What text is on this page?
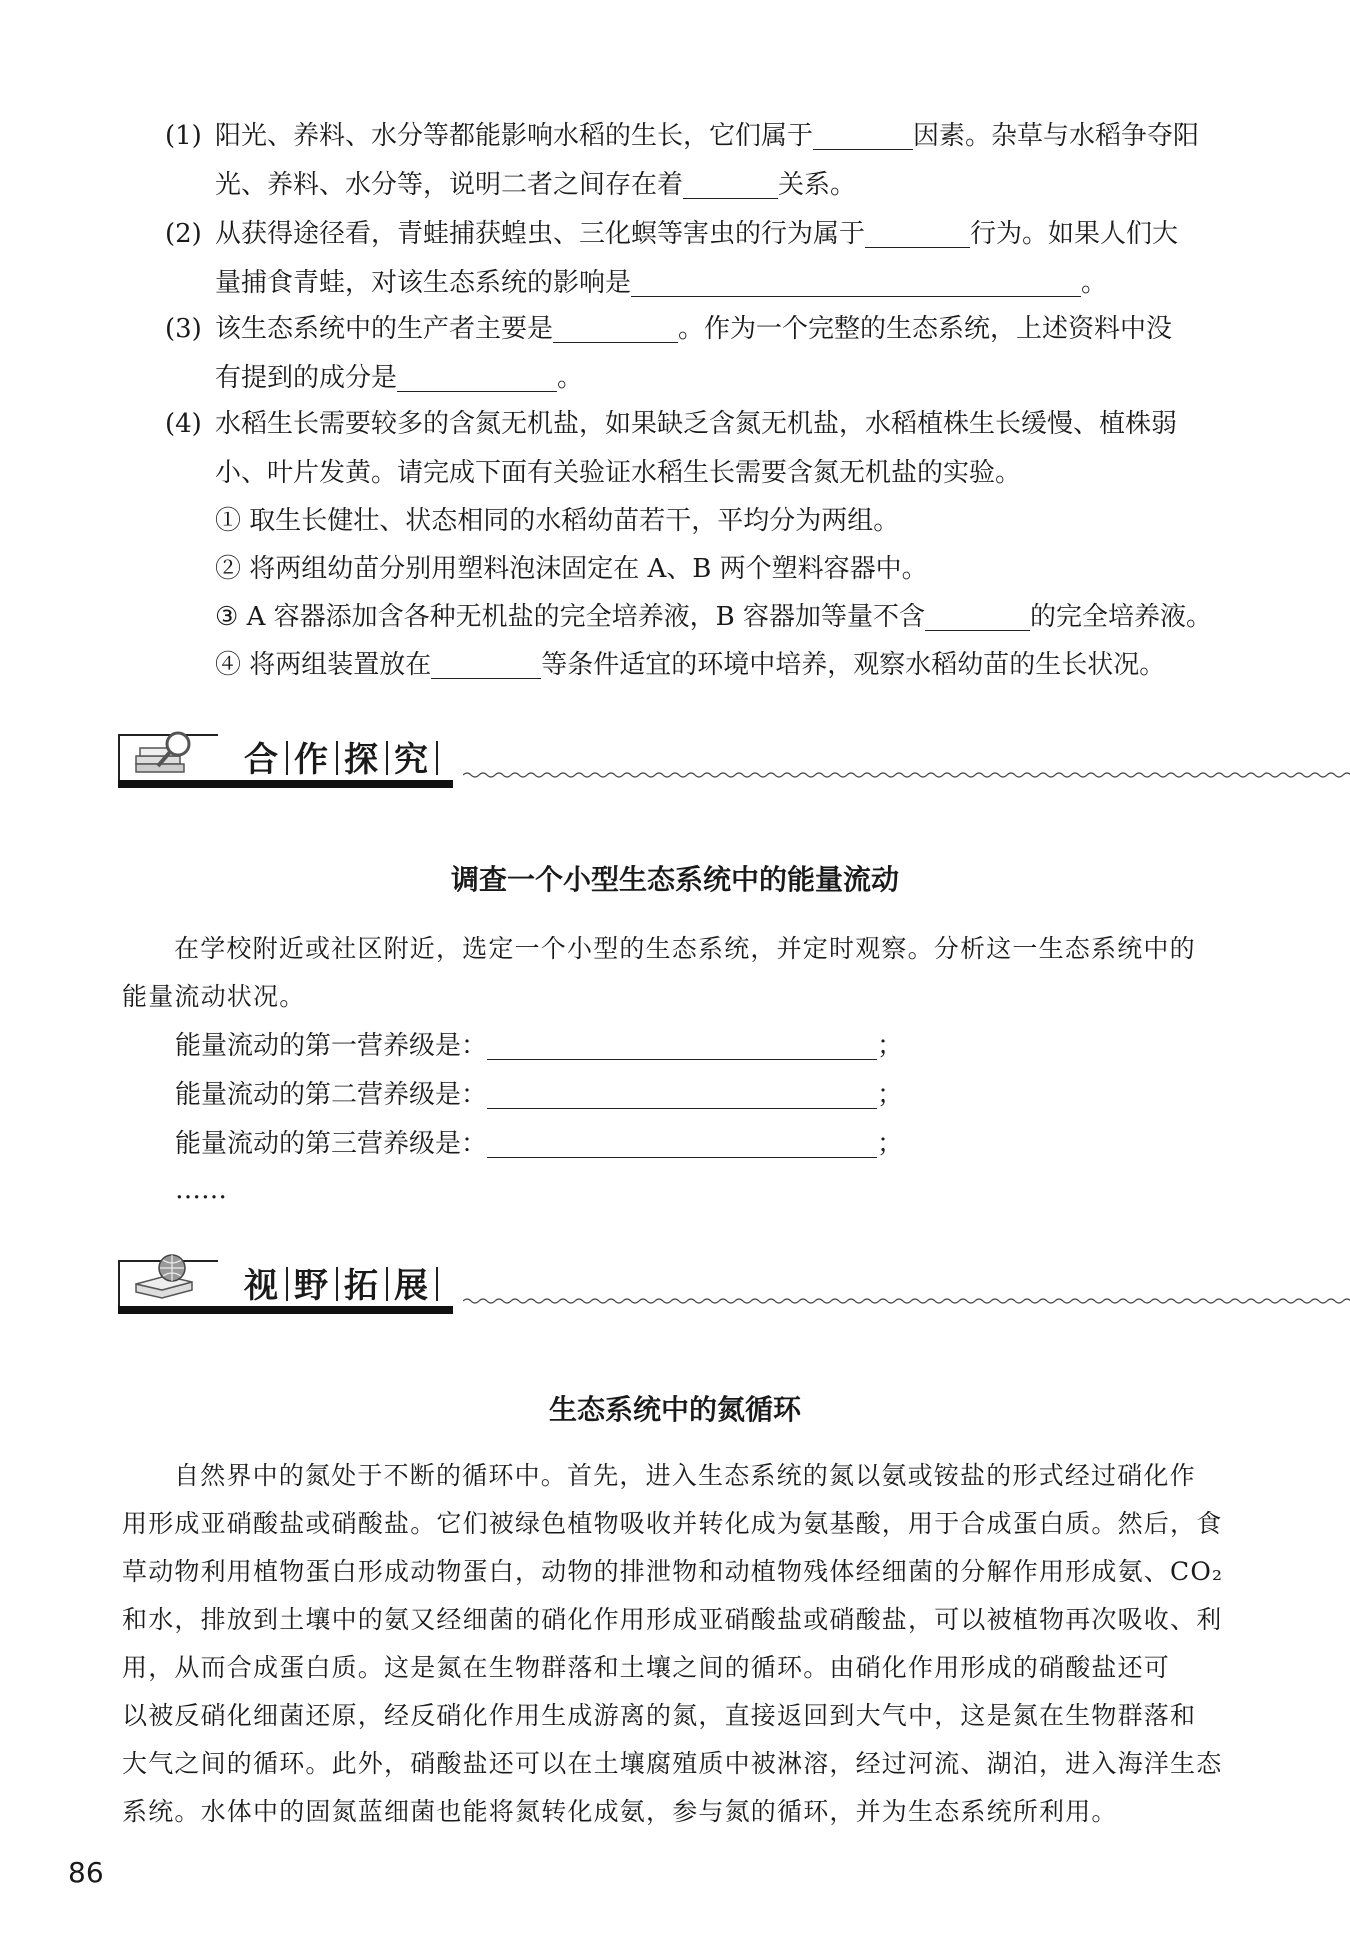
(1) 阳光、养料、水分等都能影响水稻的生长，它们属于	因素。杂草与水稻争夺阳
光、养料、水分等，说明二者之间存在着	关系。
(2) 从获得途径看，青蛙捕获蝗虫、三化螟等害虫的行为属于	行为。如果人们大
量捕食青蛙，对该生态系统的影响是	。
(3) 该生态系统中的生产者主要是	。作为一个完整的生态系统，上述资料中没
有提到的成分是	。
(4) 水稻生长需要较多的含氮无机盐，如果缺乏含氮无机盐，水稻植株生长缓慢、植株弱
小、叶片发黄。请完成下面有关验证水稻生长需要含氮无机盐的实验。
① 取生长健壮、状态相同的水稻幼苗若干，平均分为两组。
② 将两组幼苗分别用塑料泡沫固定在 A、B 两个塑料容器中。
③ A 容器添加含各种无机盐的完全培养液，B 容器加等量不含	的完全培养液。
④ 将两组装置放在	等条件适宜的环境中培养，观察水稻幼苗的生长状况。
合 作 探 究
调查一个小型生态系统中的能量流动
在学校附近或社区附近，选定一个小型的生态系统，并定时观察。分析这一生态系统中的
能量流动状况。
能量流动的第一营养级是：	；
能量流动的第二营养级是：	；
能量流动的第三营养级是：	；
……
视 野 拓 展
生态系统中的氮循环
自然界中的氮处于不断的循环中。首先，进入生态系统的氮以氨或铵盐的形式经过硝化作
用形成亚硝酸盐或硝酸盐。它们被绿色植物吸收并转化成为氨基酸，用于合成蛋白质。然后，食
草动物利用植物蛋白形成动物蛋白，动物的排泄物和动植物残体经细菌的分解作用形成氨、CO₂
和水，排放到土壤中的氨又经细菌的硝化作用形成亚硝酸盐或硝酸盐，可以被植物再次吸收、利
用，从而合成蛋白质。这是氮在生物群落和土壤之间的循环。由硝化作用形成的硝酸盐还可
以被反硝化细菌还原，经反硝化作用生成游离的氮，直接返回到大气中，这是氮在生物群落和
大气之间的循环。此外，硝酸盐还可以在土壤腐殖质中被淋溶，经过河流、湖泊，进入海洋生态
系统。水体中的固氮蓝细菌也能将氮转化成氨，参与氮的循环，并为生态系统所利用。
86
